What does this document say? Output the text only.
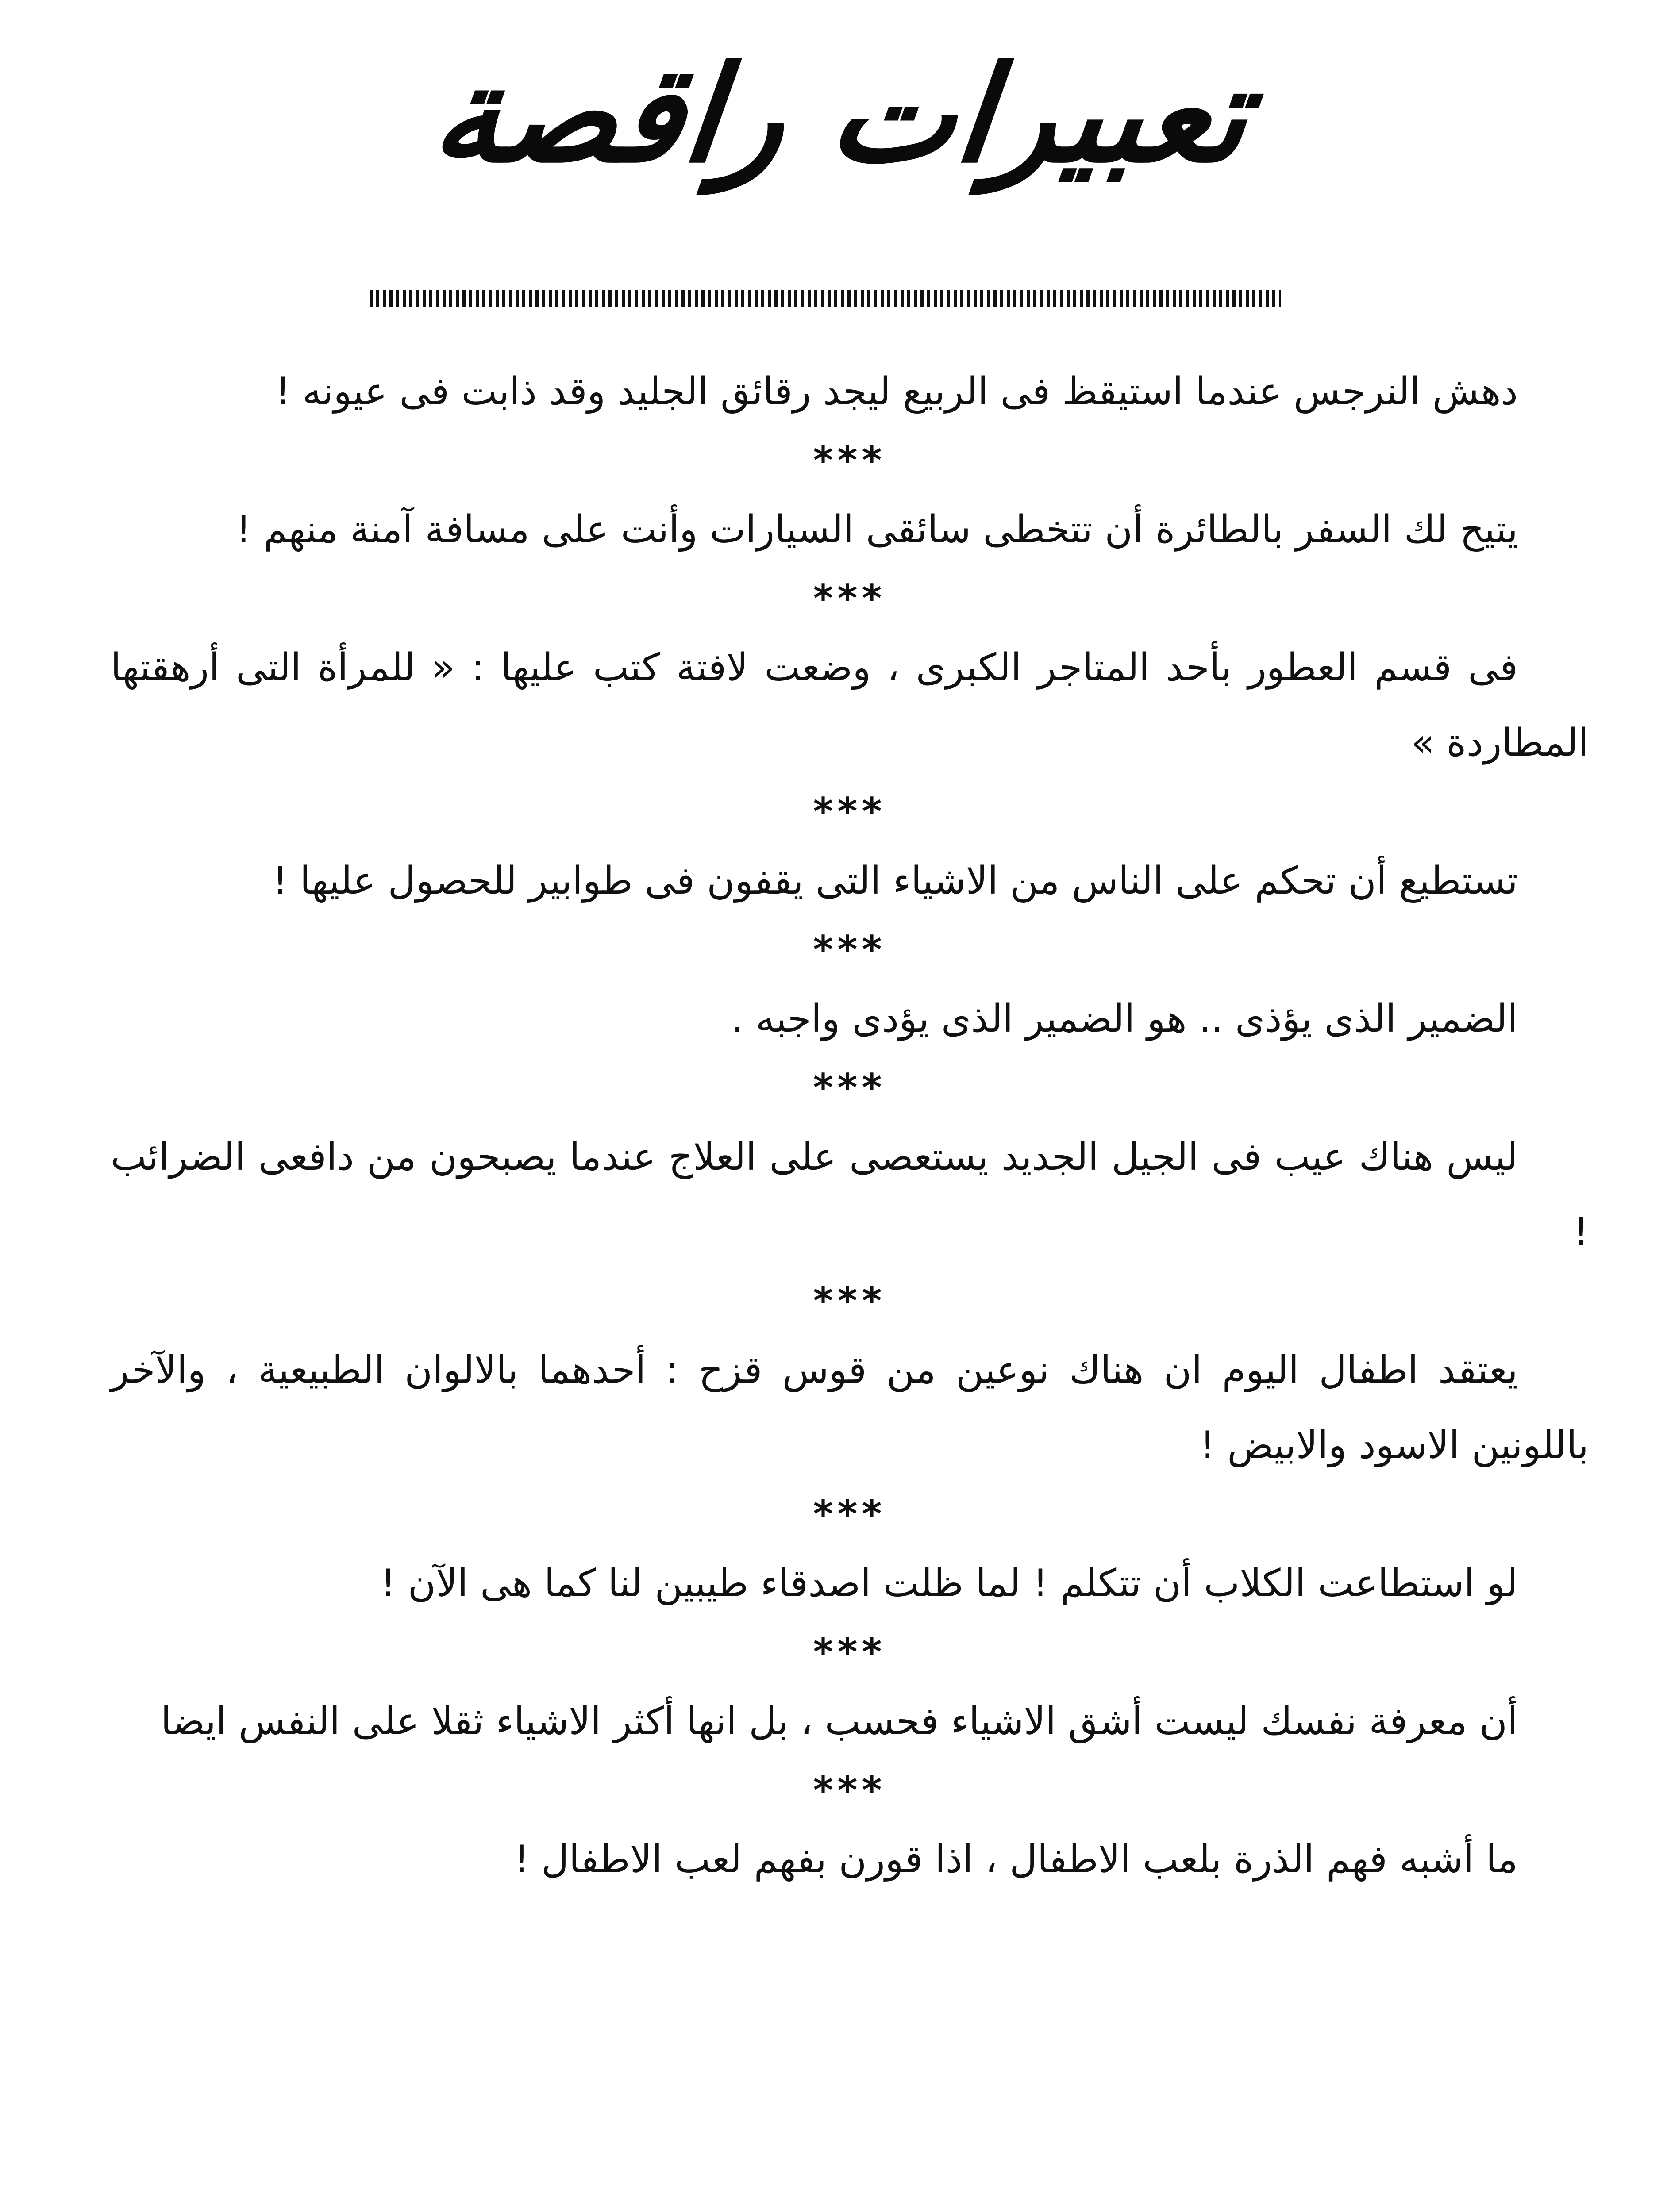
تعبيرات راقصة

دهش النرجس عندما استيقظ فى الربيع ليجد رقائق الجليد وقد ذابت فى عيونه !

***

يتيح لك السفر بالطائرة أن تتخطى سائقى السيارات وأنت على مسافة آمنة منهم !

***

فى قسم العطور بأحد المتاجر الكبرى ، وضعت لافتة كتب عليها : « للمرأة التى أرهقتها المطاردة »

***

تستطيع أن تحكم على الناس من الاشياء التى يقفون فى طوابير للحصول عليها !

***

الضمير الذى يؤذى .. هو الضمير الذى يؤدى واجبه .

***

ليس هناك عيب فى الجيل الجديد يستعصى على العلاج عندما يصبحون من دافعى الضرائب !

***

يعتقد اطفال اليوم ان هناك نوعين من قوس قزح : أحدهما بالالوان الطبيعية ، والآخر باللونين الاسود والابيض !

***

لو استطاعت الكلاب أن تتكلم ! لما ظلت اصدقاء طيبين لنا كما هى الآن !

***

أن معرفة نفسك ليست أشق الاشياء فحسب ، بل انها أكثر الاشياء ثقلا على النفس ايضا

***

ما أشبه فهم الذرة بلعب الاطفال ، اذا قورن بفهم لعب الاطفال !
